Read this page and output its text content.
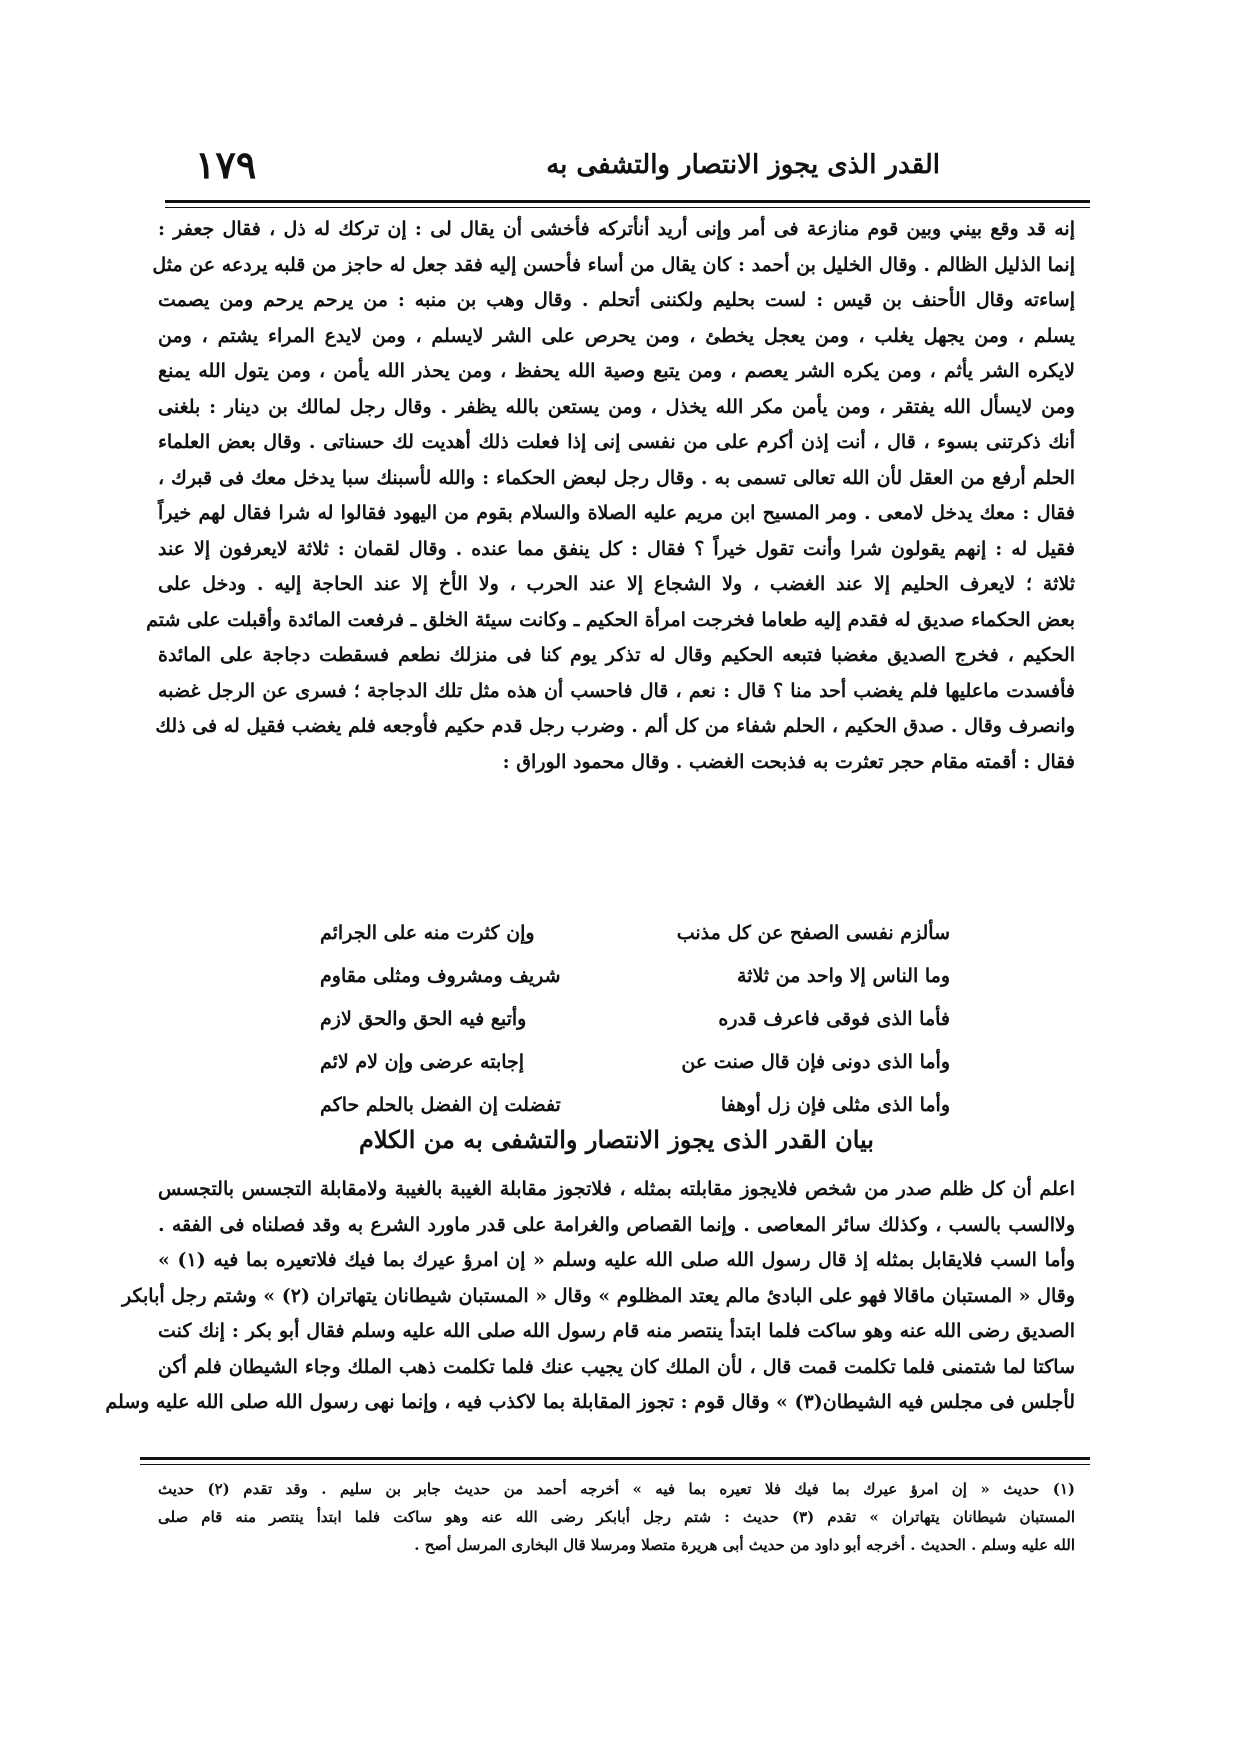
القدر الذى يجوز الانتصار والتشفى به
١٧٩
إنه قد وقع بيني وبين قوم منازعة فى أمر وإنى أريد أنأتركه فأخشى أن يقال لى : إن تركك له ذل ، فقال جعفر :
إنما الذليل الظالم . وقال الخليل بن أحمد : كان يقال من أساء فأحسن إليه فقد جعل له حاجز من قلبه يردعه عن مثل
إساءته وقال الأحنف بن قيس : لست بحليم ولكننى أتحلم . وقال وهب بن منبه : من يرحم يرحم ومن يصمت
يسلم ، ومن يجهل يغلب ، ومن يعجل يخطئ ، ومن يحرص على الشر لايسلم ، ومن لايدع المراء يشتم ، ومن
لايكره الشر يأثم ، ومن يكره الشر يعصم ، ومن يتبع وصية الله يحفظ ، ومن يحذر الله يأمن ، ومن يتول الله يمنع
ومن لايسأل الله يفتقر ، ومن يأمن مكر الله يخذل ، ومن يستعن بالله يظفر . وقال رجل لمالك بن دينار : بلغنى
أنك ذكرتنى بسوء ، قال ، أنت إذن أكرم على من نفسى إنى إذا فعلت ذلك أهديت لك حسناتى . وقال بعض العلماء
الحلم أرفع من العقل لأن الله تعالى تسمى به . وقال رجل لبعض الحكماء : والله لأسبنك سبا يدخل معك فى قبرك ،
فقال : معك يدخل لامعى . ومر المسيح ابن مريم عليه الصلاة والسلام بقوم من اليهود فقالوا له شرا فقال لهم خيراً
فقيل له : إنهم يقولون شرا وأنت تقول خيراً ؟ فقال : كل ينفق مما عنده . وقال لقمان : ثلاثة لايعرفون إلا عند
ثلاثة ؛ لايعرف الحليم إلا عند الغضب ، ولا الشجاع إلا عند الحرب ، ولا الأخ إلا عند الحاجة إليه . ودخل على
بعض الحكماء صديق له فقدم إليه طعاما فخرجت امرأة الحكيم ـ وكانت سيئة الخلق ـ فرفعت المائدة وأقبلت على شتم
الحكيم ، فخرج الصديق مغضبا فتبعه الحكيم وقال له تذكر يوم كنا فى منزلك نطعم فسقطت دجاجة على المائدة
فأفسدت ماعليها فلم يغضب أحد منا ؟ قال : نعم ، قال فاحسب أن هذه مثل تلك الدجاجة ؛ فسرى عن الرجل غضبه
وانصرف وقال . صدق الحكيم ، الحلم شفاء من كل ألم . وضرب رجل قدم حكيم فأوجعه فلم يغضب فقيل له فى ذلك
فقال : أقمته مقام حجر تعثرت به فذبحت الغضب . وقال محمود الوراق :
سألزم نفسى الصفح عن كل مذنب
وإن كثرت منه على الجرائم
وما الناس إلا واحد من ثلاثة
شريف ومشروف ومثلى مقاوم
فأما الذى فوقى فاعرف قدره
وأتبع فيه الحق والحق لازم
وأما الذى دونى فإن قال صنت عن
إجابته عرضى وإن لام لائم
وأما الذى مثلى فإن زل أوهفا
تفضلت إن الفضل بالحلم حاكم
بيان القدر الذى يجوز الانتصار والتشفى به من الكلام
اعلم أن كل ظلم صدر من شخص فلايجوز مقابلته بمثله ، فلاتجوز مقابلة الغيبة بالغيبة ولامقابلة التجسس بالتجسس
ولاالسب بالسب ، وكذلك سائر المعاصى . وإنما القصاص والغرامة على قدر ماورد الشرع به وقد فصلناه فى الفقه .
وأما السب فلايقابل بمثله إذ قال رسول الله صلى الله عليه وسلم « إن امرؤ عيرك بما فيك فلاتعيره بما فيه (١) »
وقال « المستبان ماقالا فهو على البادئ مالم يعتد المظلوم » وقال « المستبان شيطانان يتهاتران (٢) » وشتم رجل أبابكر
الصديق رضى الله عنه وهو ساكت فلما ابتدأ ينتصر منه قام رسول الله صلى الله عليه وسلم فقال أبو بكر : إنك كنت
ساكتا لما شتمنى فلما تكلمت قمت قال ، لأن الملك كان يجيب عنك فلما تكلمت ذهب الملك وجاء الشيطان فلم أكن
لأجلس فى مجلس فيه الشيطان(٣) » وقال قوم : تجوز المقابلة بما لاكذب فيه ، وإنما نهى رسول الله صلى الله عليه وسلم
(١) حديث « إن امرؤ عيرك بما فيك فلا تعيره بما فيه » أخرجه أحمد من حديث جابر بن سليم . وقد تقدم (٢) حديث
المستبان شيطانان يتهاتران » تقدم (٣) حديث : شتم رجل أبابكر رضى الله عنه وهو ساكت فلما ابتدأ ينتصر منه قام صلى
الله عليه وسلم . الحديث . أخرجه أبو داود من حديث أبى هريرة متصلا ومرسلا قال البخارى المرسل أصح .
